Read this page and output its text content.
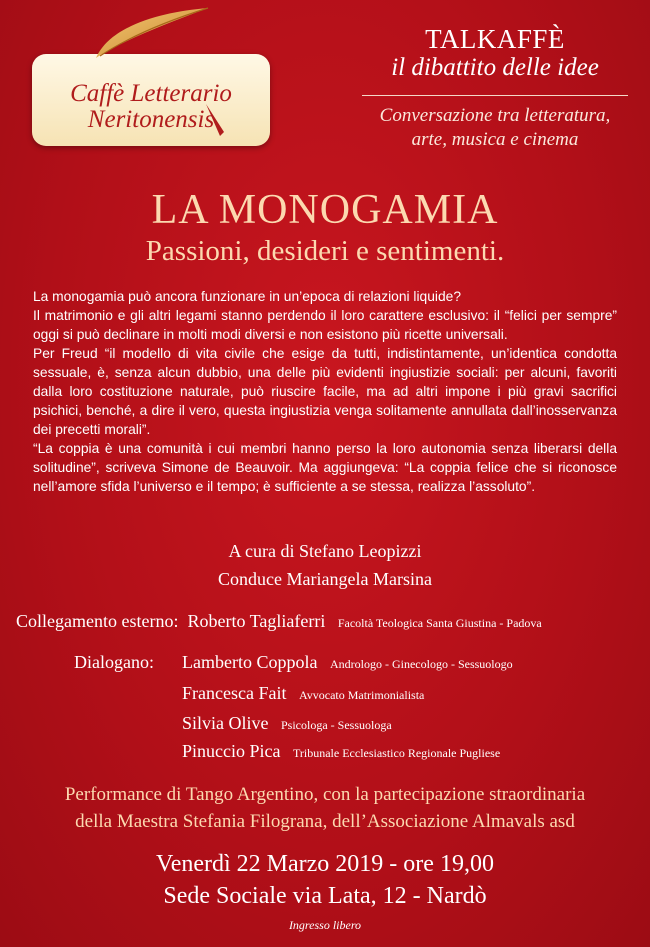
Caffè Letterario
Neritonensis
TALKAFFÈ
il dibattito delle idee
Conversazione tra letteratura,
arte, musica e cinema
LA MONOGAMIA
Passioni, desideri e sentimenti.

La monogamia può ancora funzionare in un’epoca di relazioni liquide?

Il matrimonio e gli altri legami stanno perdendo il loro carattere esclusivo: il “felici per sempre” oggi si può declinare in molti modi diversi e non esistono più ricette universali.

Per Freud “il modello di vita civile che esige da tutti, indistintamente, un’identica condotta sessuale, è, senza alcun dubbio, una delle più evidenti ingiustizie sociali: per alcuni, favoriti dalla loro costituzione naturale, può riuscire facile, ma ad altri impone i più gravi sacrifici psichici, benché, a dire il vero, questa ingiustizia venga solitamente annullata dall’inosservanza dei precetti morali”.

“La coppia è una comunità i cui membri hanno perso la loro autonomia senza liberarsi della solitudine”, scriveva Simone de Beauvoir. Ma aggiungeva: “La coppia felice che si riconosce nell’amore sfida l’universo e il tempo; è sufficiente a se stessa, realizza l’assoluto”.

A cura di Stefano Leopizzi
Conduce Mariangela Marsina
Collegamento esterno: Roberto Tagliaferri Facoltà Teologica Santa Giustina - Padova
Dialogano: Lamberto Coppola Andrologo - Ginecologo - Sessuologo
Francesca Fait Avvocato Matrimonialista
Silvia Olive Psicologa - Sessuologa
Pinuccio Pica Tribunale Ecclesiastico Regionale Pugliese
Performance di Tango Argentino, con la partecipazione straordinaria
della Maestra Stefania Filograna, dell’Associazione Almavals asd
Venerdì 22 Marzo 2019 - ore 19,00
Sede Sociale via Lata, 12 - Nardò
Ingresso libero
